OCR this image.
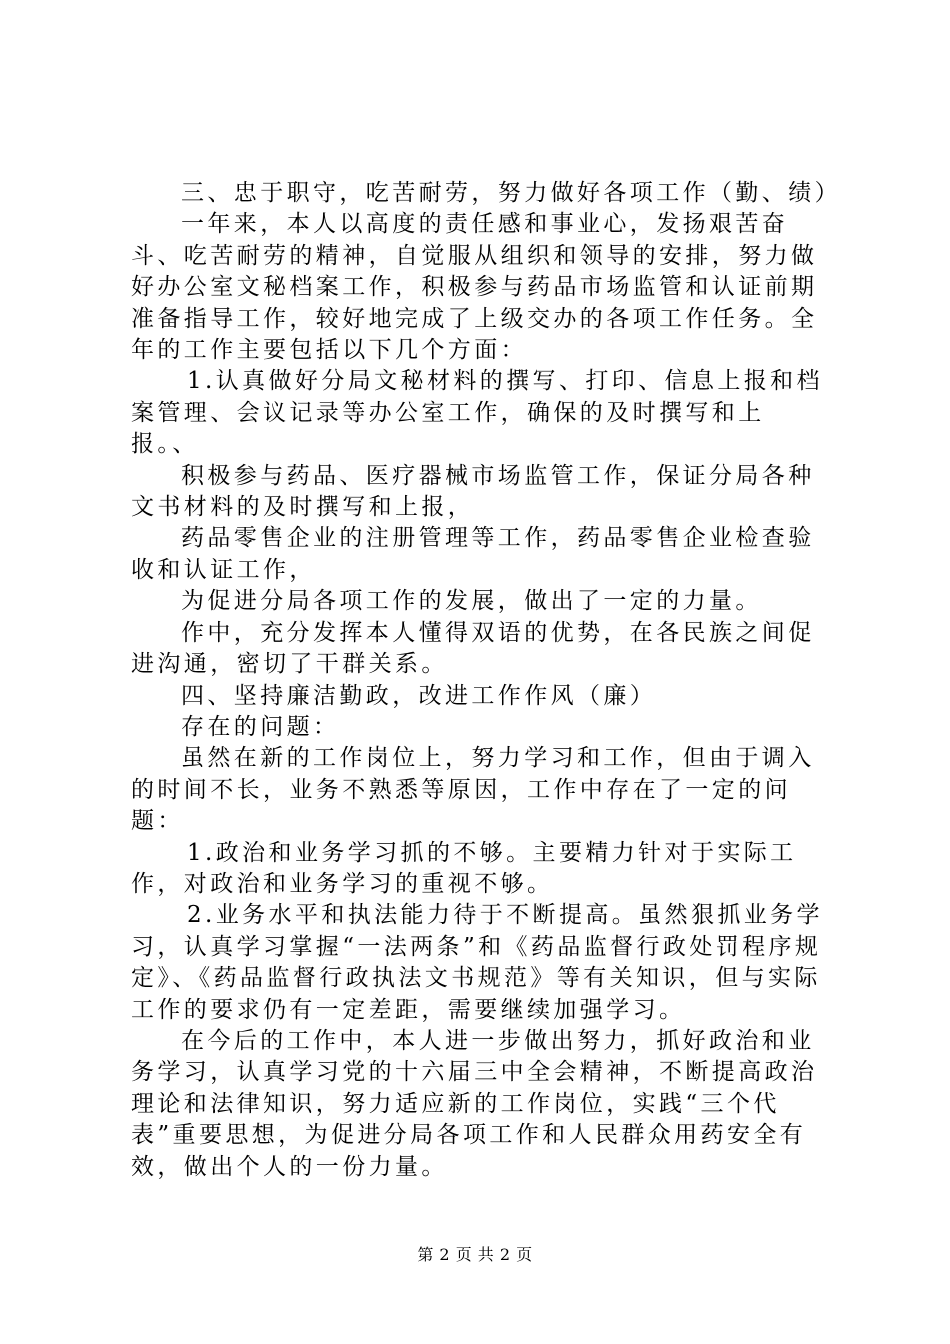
三、忠于职守，吃苦耐劳，努力做好各项工作（勤、绩）

一年来，本人以高度的责任感和事业心，发扬艰苦奋斗、吃苦耐劳的精神，自觉服从组织和领导的安排，努力做好办公室文秘档案工作，积极参与药品市场监管和认证前期准备指导工作，较好地完成了上级交办的各项工作任务。全年的工作主要包括以下几个方面：

1.认真做好分局文秘材料的撰写、打印、信息上报和档案管理、会议记录等办公室工作，确保的及时撰写和上报。、

积极参与药品、医疗器械市场监管工作，保证分局各种文书材料的及时撰写和上报，

药品零售企业的注册管理等工作，药品零售企业检查验收和认证工作，

为促进分局各项工作的发展，做出了一定的力量。

作中，充分发挥本人懂得双语的优势，在各民族之间促进沟通，密切了干群关系。

四、坚持廉洁勤政，改进工作作风（廉）

存在的问题：

虽然在新的工作岗位上，努力学习和工作，但由于调入的时间不长，业务不熟悉等原因，工作中存在了一定的问题：

1.政治和业务学习抓的不够。主要精力针对于实际工作，对政治和业务学习的重视不够。

2.业务水平和执法能力待于不断提高。虽然狠抓业务学习，认真学习掌握“一法两条”和《药品监督行政处罚程序规定》、《药品监督行政执法文书规范》等有关知识，但与实际工作的要求仍有一定差距，需要继续加强学习。

在今后的工作中，本人进一步做出努力，抓好政治和业务学习，认真学习党的十六届三中全会精神，不断提高政治理论和法律知识，努力适应新的工作岗位，实践“三个代表”重要思想，为促进分局各项工作和人民群众用药安全有效，做出个人的一份力量。

第 2 页 共 2 页
